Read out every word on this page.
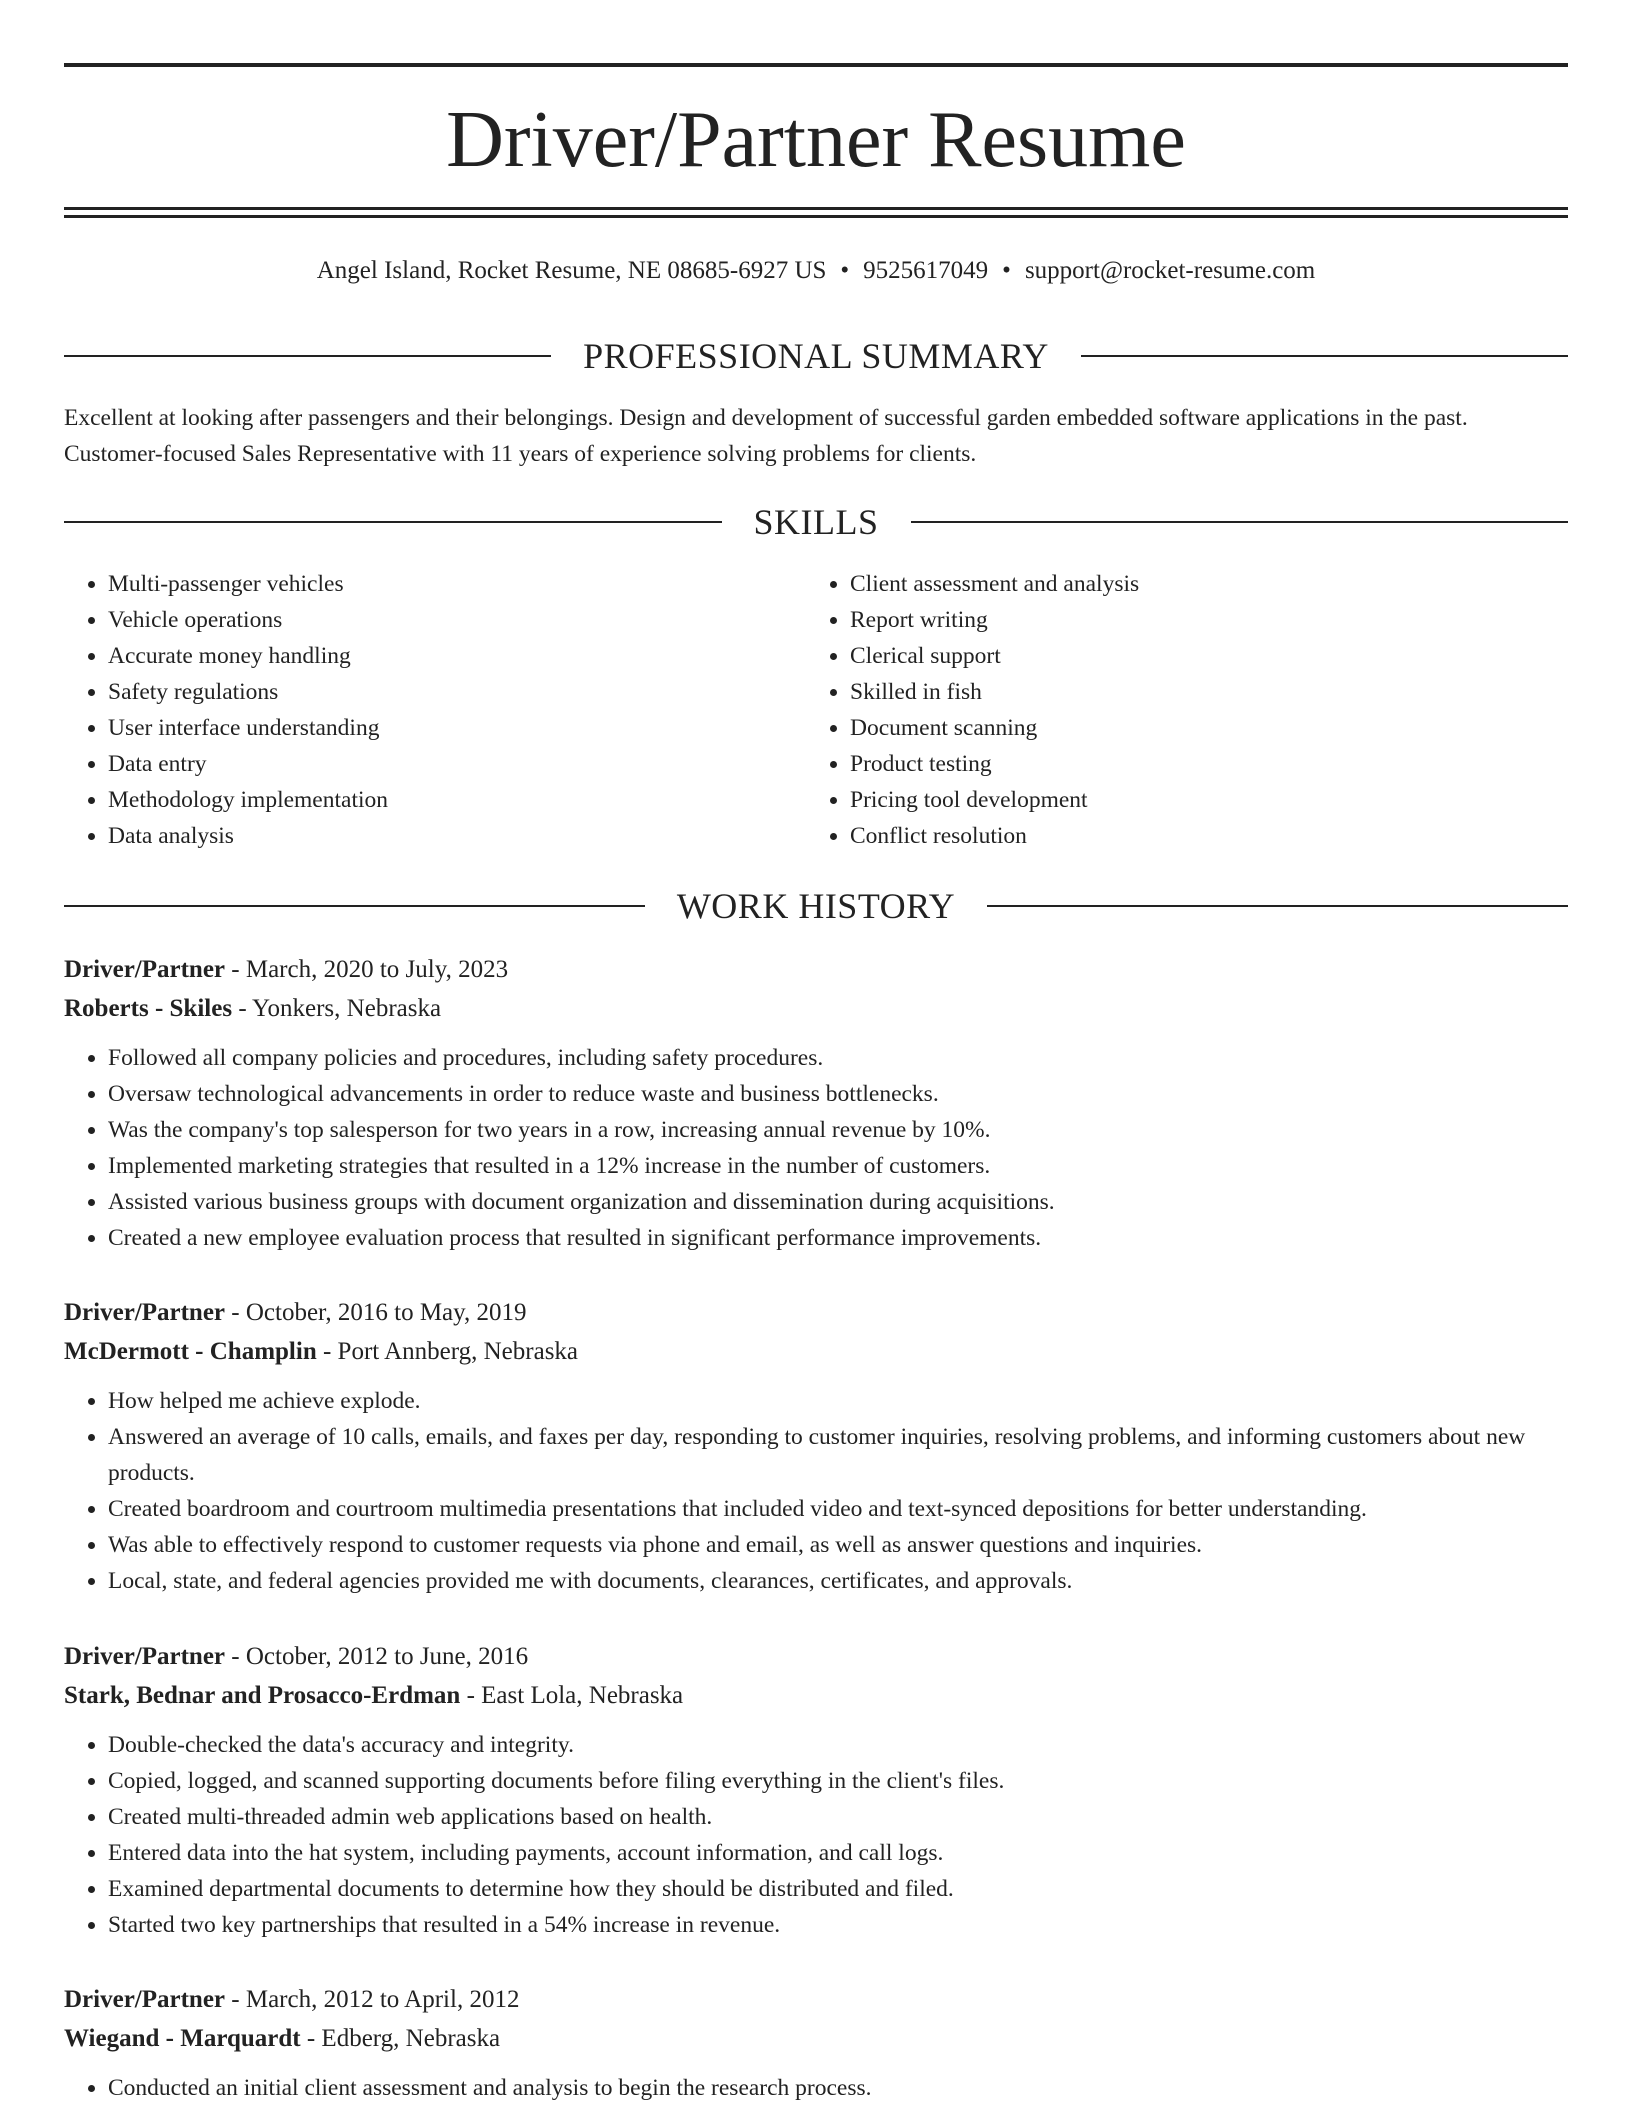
Driver/Partner Resume
Angel Island, Rocket Resume, NE 08685-6927 US • 9525617049 • support@rocket-resume.com
PROFESSIONAL SUMMARY

Excellent at looking after passengers and their belongings. Design and development of successful garden embedded software applications in the past. Customer-focused Sales Representative with 11 years of experience solving problems for clients.

SKILLS
• Multi-passenger vehicles
• Vehicle operations
• Accurate money handling
• Safety regulations
• User interface understanding
• Data entry
• Methodology implementation
• Data analysis
• Client assessment and analysis
• Report writing
• Clerical support
• Skilled in fish
• Document scanning
• Product testing
• Pricing tool development
• Conflict resolution
WORK HISTORY
Driver/Partner - March, 2020 to July, 2023
Roberts - Skiles - Yonkers, Nebraska
• Followed all company policies and procedures, including safety procedures.
• Oversaw technological advancements in order to reduce waste and business bottlenecks.
• Was the company's top salesperson for two years in a row, increasing annual revenue by 10%.
• Implemented marketing strategies that resulted in a 12% increase in the number of customers.
• Assisted various business groups with document organization and dissemination during acquisitions.
• Created a new employee evaluation process that resulted in significant performance improvements.
Driver/Partner - October, 2016 to May, 2019
McDermott - Champlin - Port Annberg, Nebraska
• How helped me achieve explode.
• Answered an average of 10 calls, emails, and faxes per day, responding to customer inquiries, resolving problems, and informing customers about new products.
• Created boardroom and courtroom multimedia presentations that included video and text-synced depositions for better understanding.
• Was able to effectively respond to customer requests via phone and email, as well as answer questions and inquiries.
• Local, state, and federal agencies provided me with documents, clearances, certificates, and approvals.
Driver/Partner - October, 2012 to June, 2016
Stark, Bednar and Prosacco-Erdman - East Lola, Nebraska
• Double-checked the data's accuracy and integrity.
• Copied, logged, and scanned supporting documents before filing everything in the client's files.
• Created multi-threaded admin web applications based on health.
• Entered data into the hat system, including payments, account information, and call logs.
• Examined departmental documents to determine how they should be distributed and filed.
• Started two key partnerships that resulted in a 54% increase in revenue.
Driver/Partner - March, 2012 to April, 2012
Wiegand - Marquardt - Edberg, Nebraska
• Conducted an initial client assessment and analysis to begin the research process.
